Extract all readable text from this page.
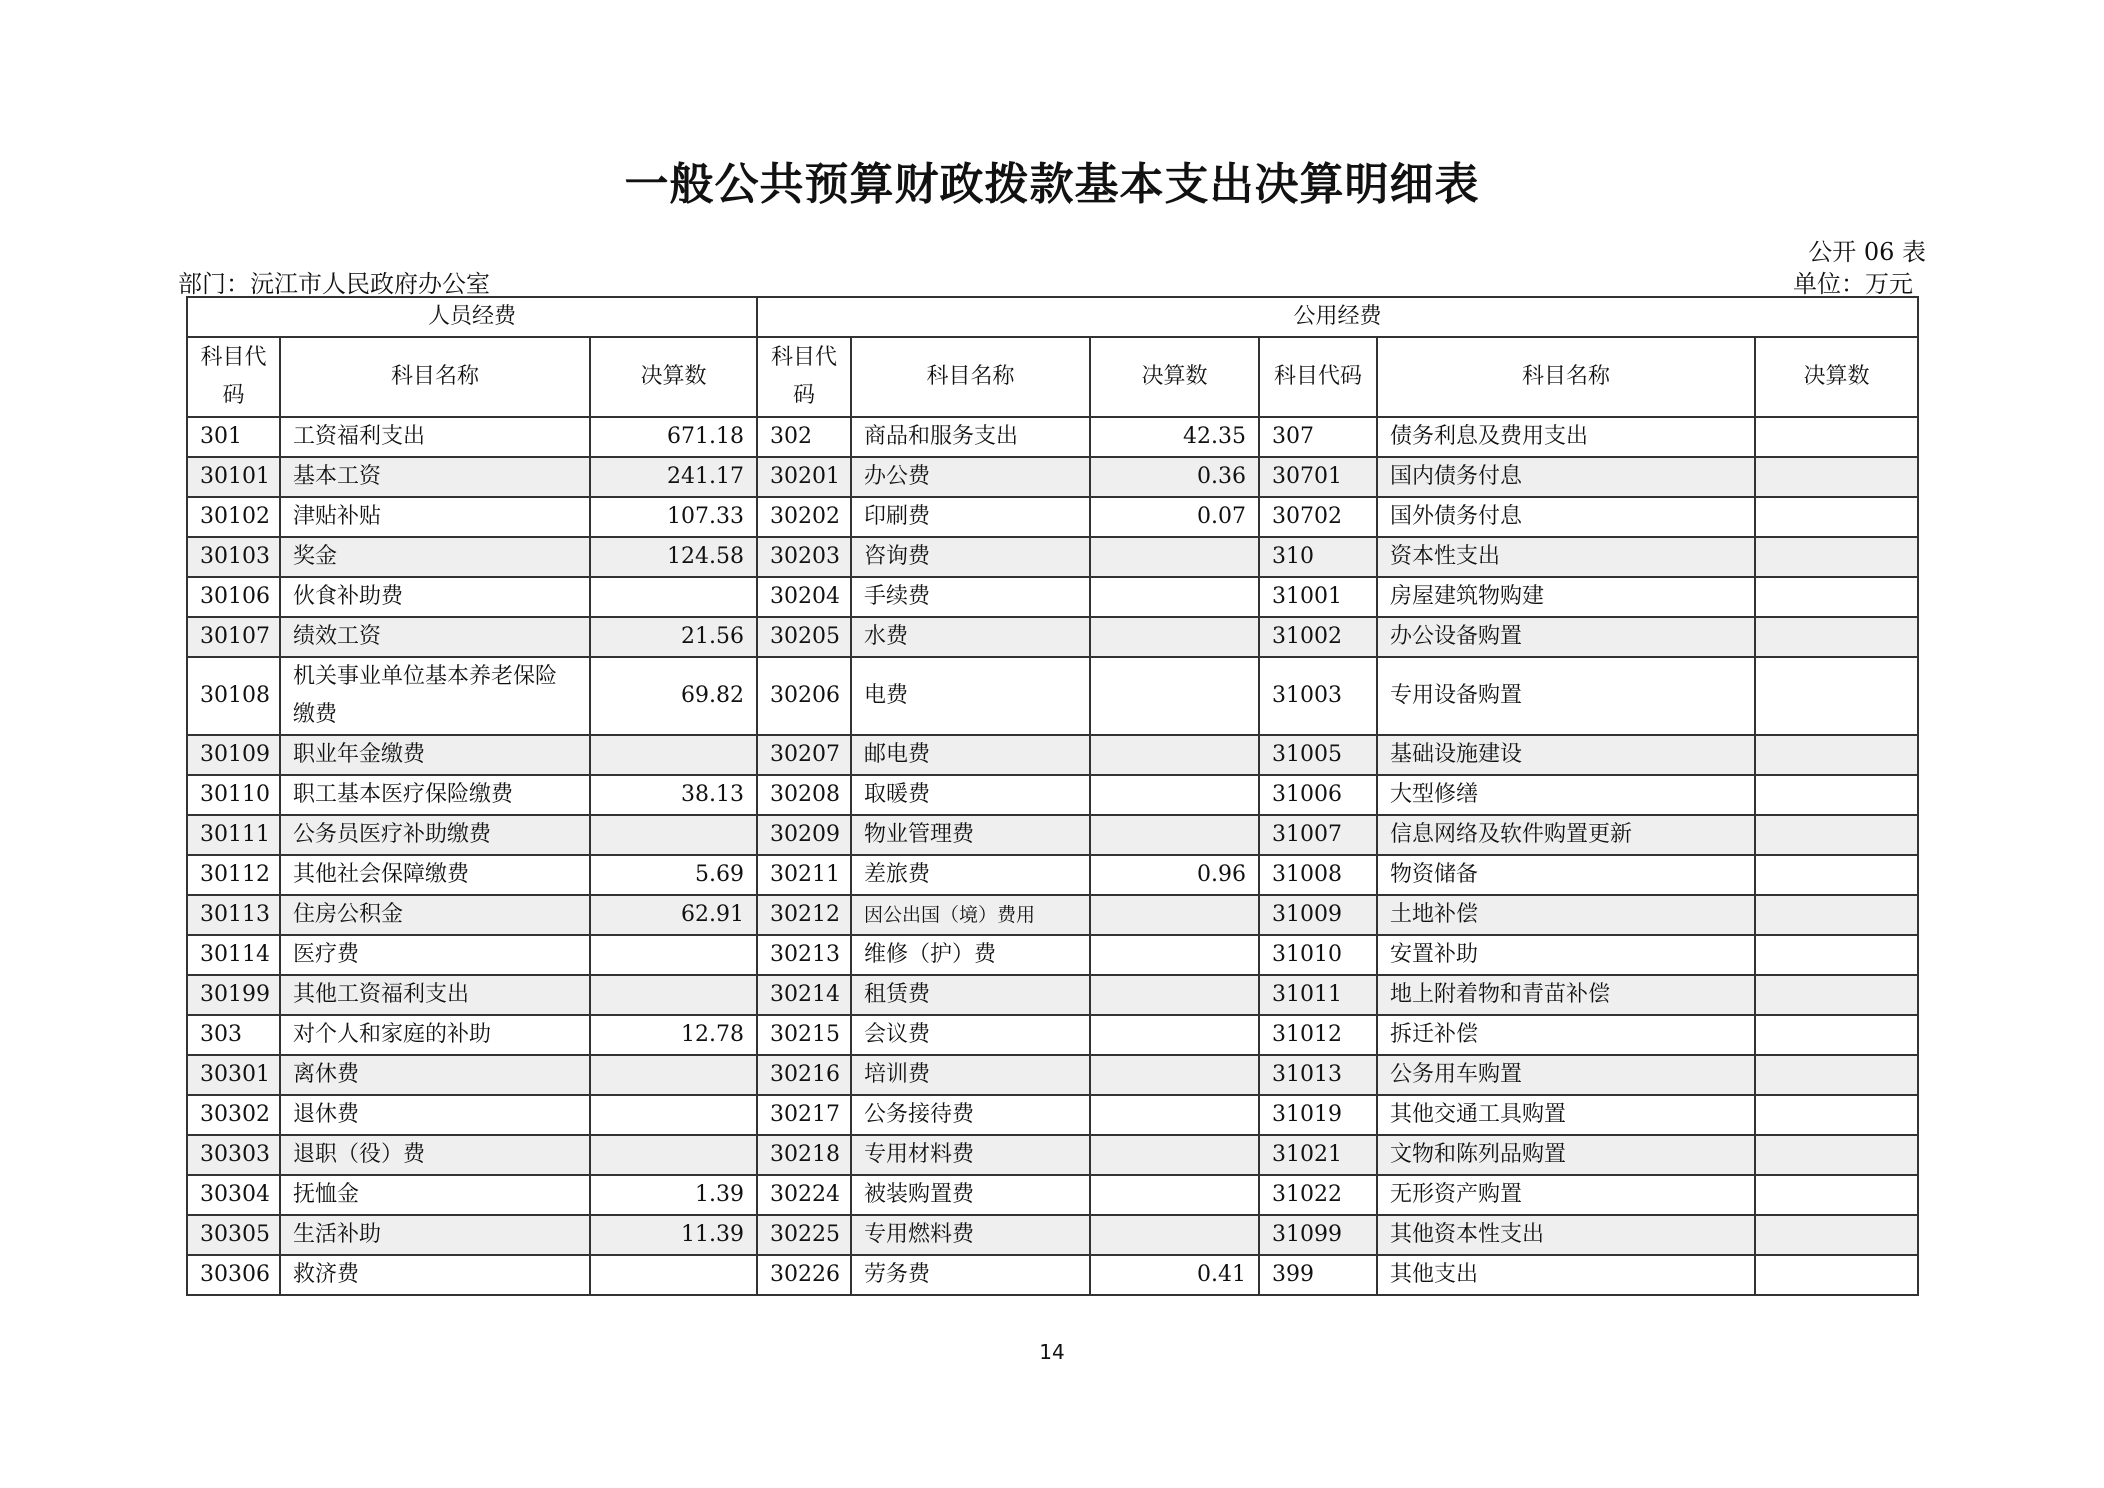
一般公共预算财政拨款基本支出决算明细表
公开 06 表
部门：沅江市人民政府办公室	单位：万元
人员经费			公用经费					
科目代码	科目名称	决算数	科目代码	科目名称	决算数	科目代码	科目名称	决算数
301	工资福利支出	671.18	302	商品和服务支出	42.35	307	债务利息及费用支出	
30101	基本工资	241.17	30201	办公费	0.36	30701	国内债务付息	
30102	津贴补贴	107.33	30202	印刷费	0.07	30702	国外债务付息	
30103	奖金	124.58	30203	咨询费		310	资本性支出	
30106	伙食补助费		30204	手续费		31001	房屋建筑物购建	
30107	绩效工资	21.56	30205	水费		31002	办公设备购置	
30108	机关事业单位基本养老保险缴费	69.82	30206	电费		31003	专用设备购置	
30109	职业年金缴费		30207	邮电费		31005	基础设施建设	
30110	职工基本医疗保险缴费	38.13	30208	取暖费		31006	大型修缮	
30111	公务员医疗补助缴费		30209	物业管理费		31007	信息网络及软件购置更新	
30112	其他社会保障缴费	5.69	30211	差旅费	0.96	31008	物资储备	
30113	住房公积金	62.91	30212	因公出国（境）费用		31009	土地补偿	
30114	医疗费		30213	维修（护）费		31010	安置补助	
30199	其他工资福利支出		30214	租赁费		31011	地上附着物和青苗补偿	
303	对个人和家庭的补助	12.78	30215	会议费		31012	拆迁补偿	
30301	离休费		30216	培训费		31013	公务用车购置	
30302	退休费		30217	公务接待费		31019	其他交通工具购置	
30303	退职（役）费		30218	专用材料费		31021	文物和陈列品购置	
30304	抚恤金	1.39	30224	被装购置费		31022	无形资产购置	
30305	生活补助	11.39	30225	专用燃料费		31099	其他资本性支出	
30306	救济费		30226	劳务费	0.41	399	其他支出	
14
